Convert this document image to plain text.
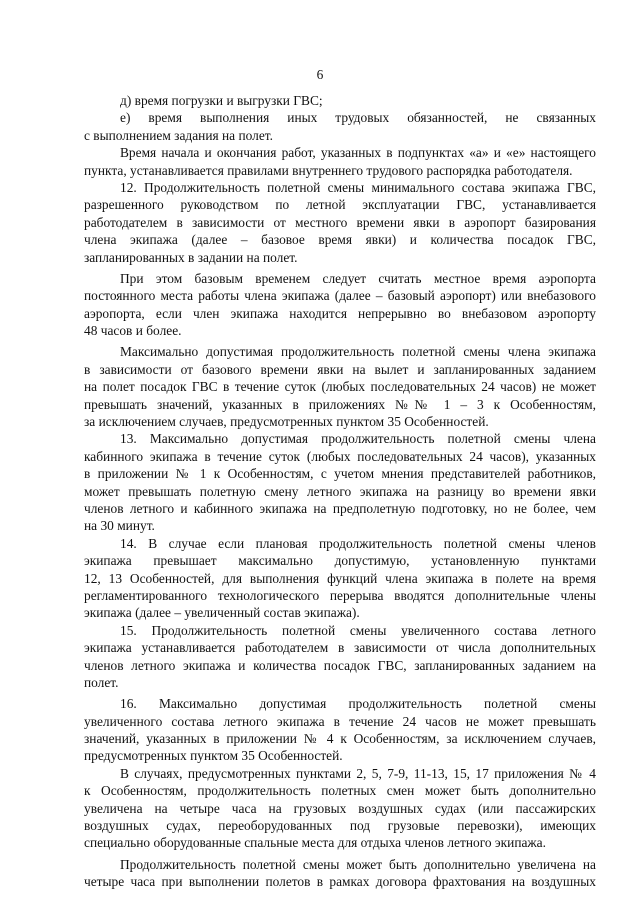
6
д) время погрузки и выгрузки ГВС;
е) время выполнения иных трудовых обязанностей, не связанных
с выполнением задания на полет.
Время начала и окончания работ, указанных в подпунктах «а» и «е» настоящего
пункта, устанавливается правилами внутреннего трудового распорядка работодателя.
12. Продолжительность полетной смены минимального состава экипажа ГВС,
разрешенного руководством по летной эксплуатации ГВС, устанавливается
работодателем в зависимости от местного времени явки в аэропорт базирования
члена экипажа (далее – базовое время явки) и количества посадок ГВС,
запланированных в задании на полет.
При этом базовым временем следует считать местное время аэропорта
постоянного места работы члена экипажа (далее – базовый аэропорт) или внебазового
аэропорта, если член экипажа находится непрерывно во внебазовом аэропорту
48 часов и более.
Максимально допустимая продолжительность полетной смены члена экипажа
в зависимости от базового времени явки на вылет и запланированных заданием
на полет посадок ГВС в течение суток (любых последовательных 24 часов) не может
превышать значений, указанных в приложениях №№ 1 – 3 к Особенностям,
за исключением случаев, предусмотренных пунктом 35 Особенностей.
13. Максимально допустимая продолжительность полетной смены члена
кабинного экипажа в течение суток (любых последовательных 24 часов), указанных
в приложении № 1 к Особенностям, с учетом мнения представителей работников,
может превышать полетную смену летного экипажа на разницу во времени явки
членов летного и кабинного экипажа на предполетную подготовку, но не более, чем
на 30 минут.
14. В случае если плановая продолжительность полетной смены членов
экипажа превышает максимально допустимую, установленную пунктами
12, 13 Особенностей, для выполнения функций члена экипажа в полете на время
регламентированного технологического перерыва вводятся дополнительные члены
экипажа (далее – увеличенный состав экипажа).
15. Продолжительность полетной смены увеличенного состава летного
экипажа устанавливается работодателем в зависимости от числа дополнительных
членов летного экипажа и количества посадок ГВС, запланированных заданием на
полет.
16. Максимально допустимая продолжительность полетной смены
увеличенного состава летного экипажа в течение 24 часов не может превышать
значений, указанных в приложении № 4 к Особенностям, за исключением случаев,
предусмотренных пунктом 35 Особенностей.
В случаях, предусмотренных пунктами 2, 5, 7-9, 11-13, 15, 17 приложения № 4
к Особенностям, продолжительность полетных смен может быть дополнительно
увеличена на четыре часа на грузовых воздушных судах (или пассажирских
воздушных судах, переоборудованных под грузовые перевозки), имеющих
специально оборудованные спальные места для отдыха членов летного экипажа.
Продолжительность полетной смены может быть дополнительно увеличена на
четыре часа при выполнении полетов в рамках договора фрахтования на воздушных
